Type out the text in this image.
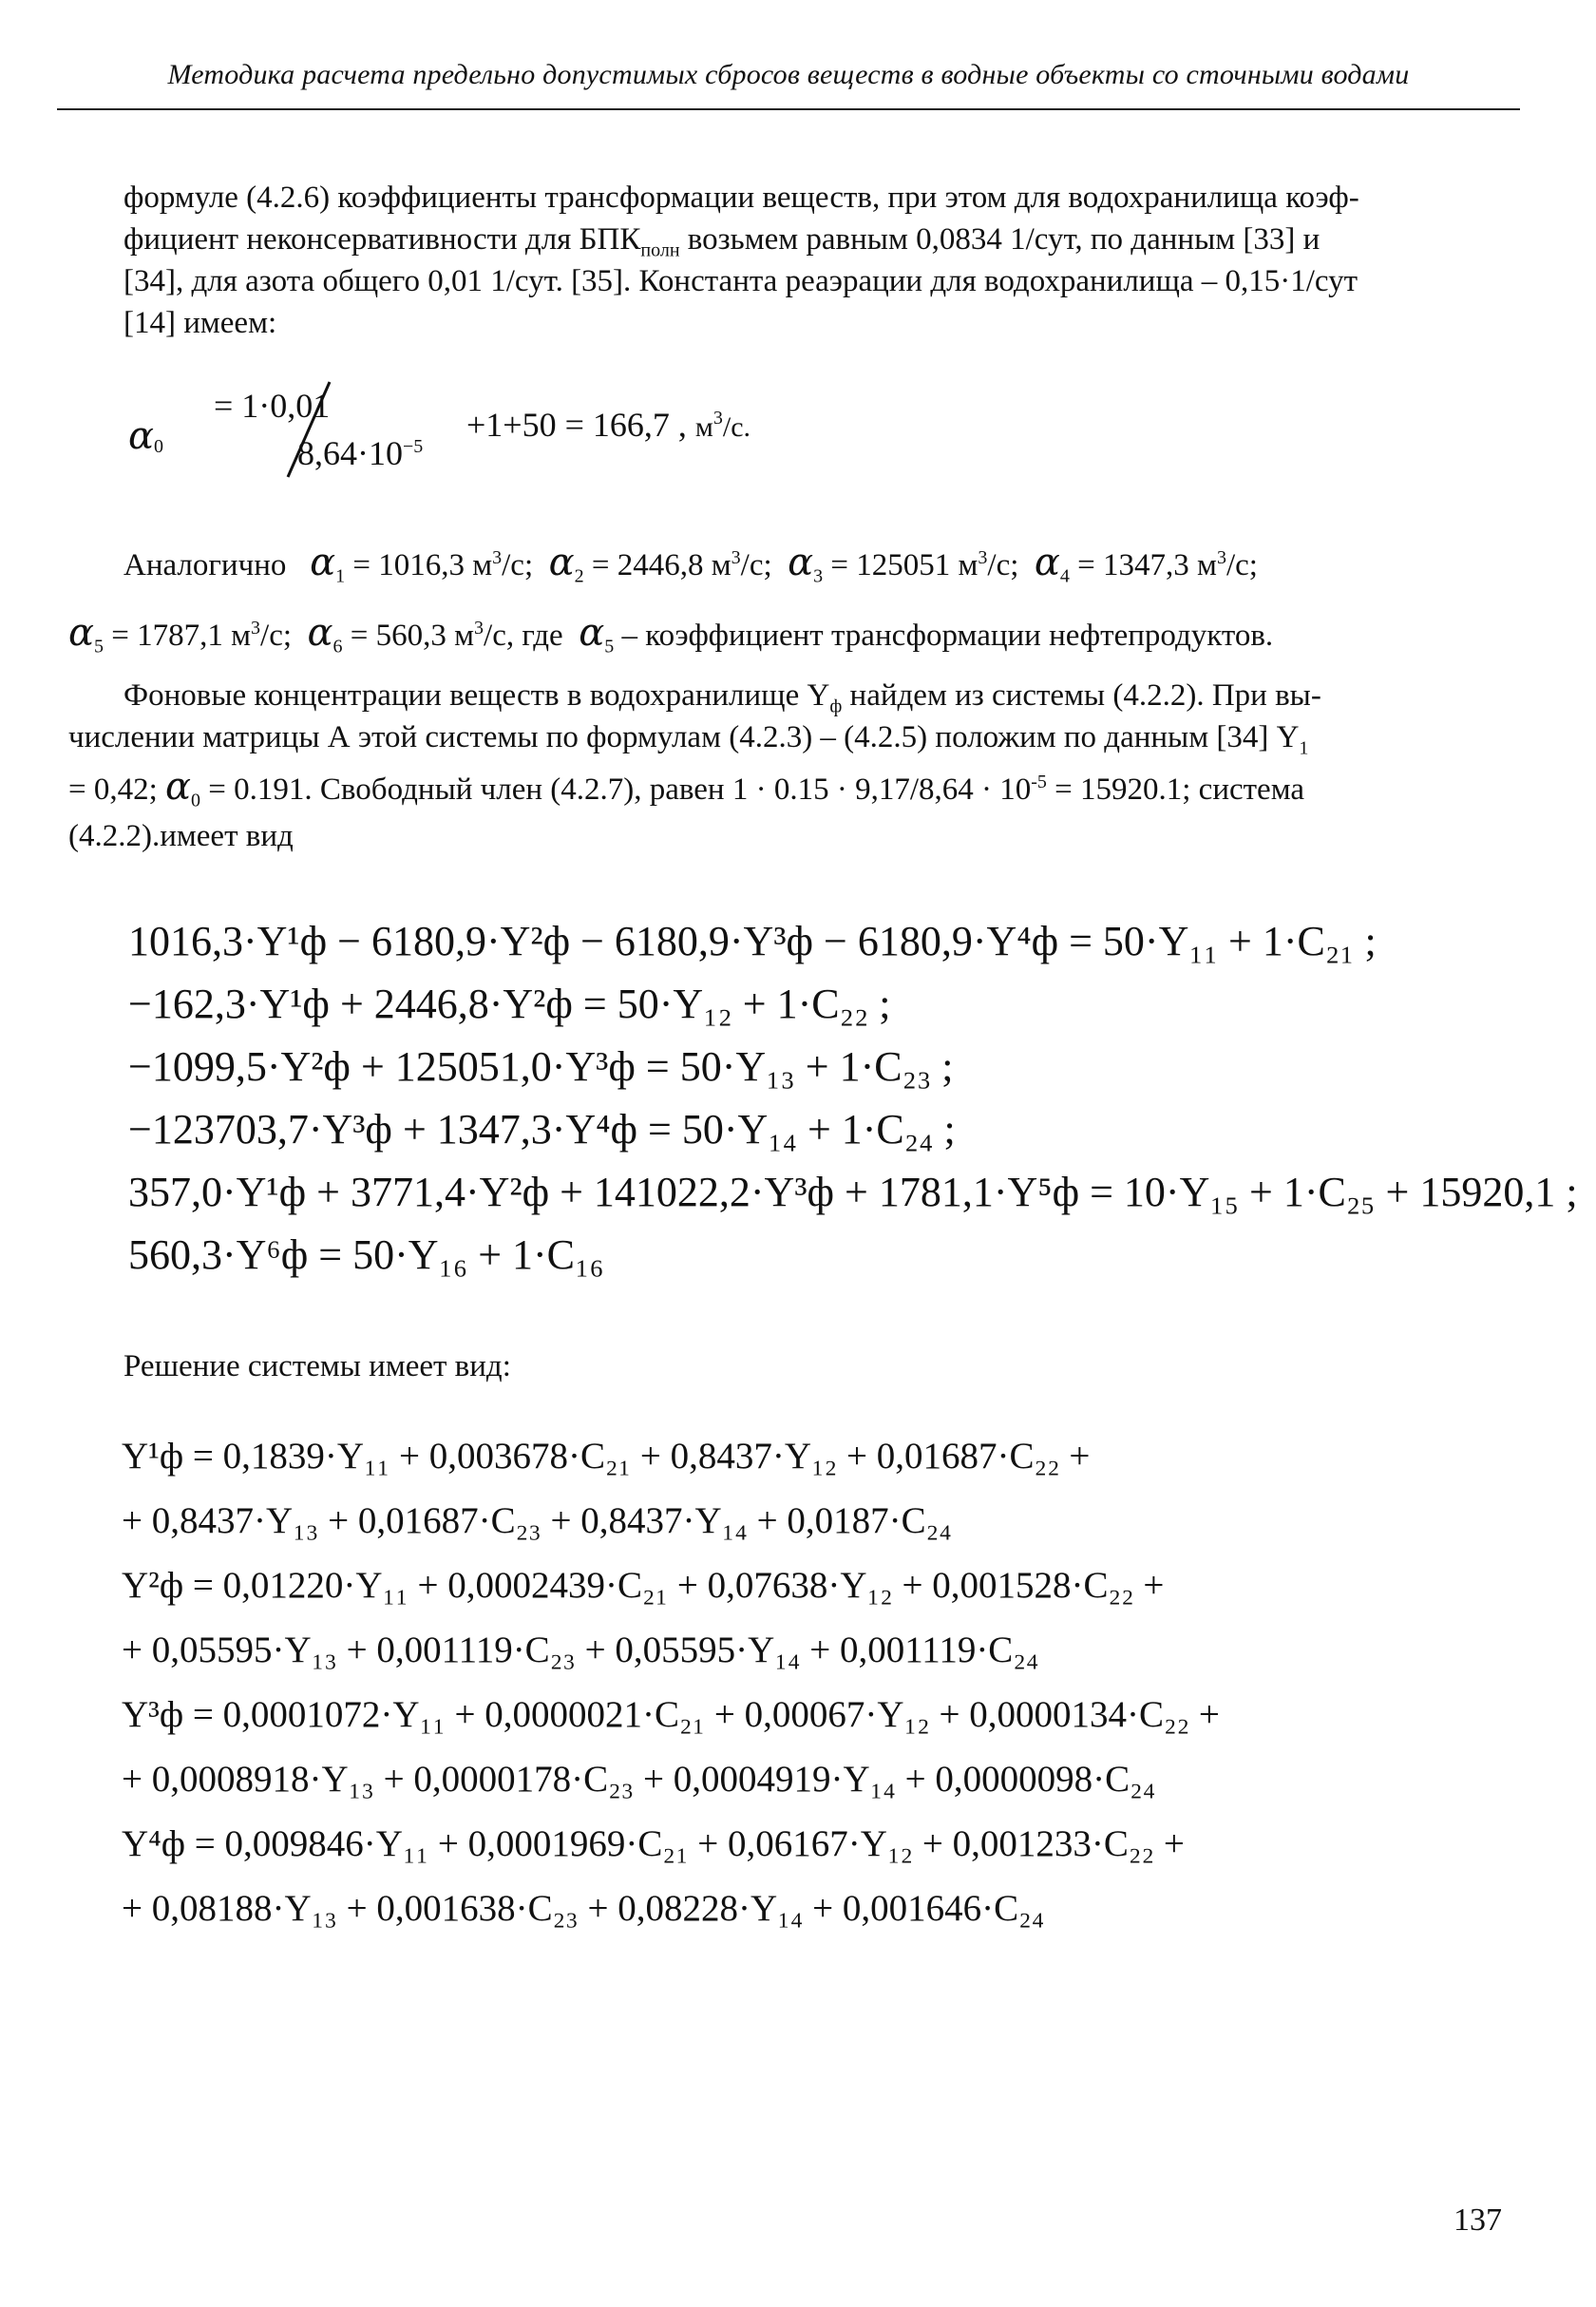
Методика расчета предельно допустимых сбросов веществ в водные объекты со сточными водами
формуле (4.2.6) коэффициенты трансформации веществ, при этом для водохранилища коэф-
фициент неконсервативности для $БПК_{полн}$ возьмем равным 0,0834 1/сут, по данным [33] и
[34], для азота общего 0,01 1/сут. [35]. Константа реаэрации для водохранилища – 0,15·1/сут
[14] имеем:
$\alpha_0$
= 1·0,01
$8,64\cdot 10^{-5}$
+1+50 = 166,7 , $м^3/с$.
Аналогично $\alpha_1 = 1016,3$ $м^3/с$; $\alpha_2 = 2446,8$ $м^3/с$; $\alpha_3 = 125051$ $м^3/с$; $\alpha_4 = 1347,3$ $м^3/с$;
$\alpha_5 = 1787,1$ $м^3/с$; $\alpha_6 = 560,3$ $м^3/с$, где $\alpha_5$ – коэффициент трансформации нефтепродуктов.
Фоновые концентрации веществ в водохранилище $Y_ф$ найдем из системы (4.2.2). При вы-
числении матрицы А этой системы по формулам (4.2.3) – (4.2.5) положим по данным [34] $Y_1$
= 0,42; $\alpha_0 = 0.191$. Свободный член (4.2.7), равен $1 \cdot 0.15 \cdot 9,17/8,64 \cdot 10^{-5} = 15920.1$; система
(4.2.2).имеет вид
1016,3·Y¹ф − 6180,9·Y²ф − 6180,9·Y³ф − 6180,9·Y⁴ф = 50·Y₁₁ + 1·C₂₁ ;
−162,3·Y¹ф + 2446,8·Y²ф = 50·Y₁₂ + 1·C₂₂ ;
−1099,5·Y²ф + 125051,0·Y³ф = 50·Y₁₃ + 1·C₂₃ ;
−123703,7·Y³ф + 1347,3·Y⁴ф = 50·Y₁₄ + 1·C₂₄ ;
357,0·Y¹ф + 3771,4·Y²ф + 141022,2·Y³ф + 1781,1·Y⁵ф = 10·Y₁₅ + 1·C₂₅ + 15920,1 ;
560,3·Y⁶ф = 50·Y₁₆ + 1·C₁₆
Решение системы имеет вид:
Y¹ф = 0,1839·Y₁₁ + 0,003678·C₂₁ + 0,8437·Y₁₂ + 0,01687·C₂₂ +
+ 0,8437·Y₁₃ + 0,01687·C₂₃ + 0,8437·Y₁₄ + 0,0187·C₂₄
Y²ф = 0,01220·Y₁₁ + 0,0002439·C₂₁ + 0,07638·Y₁₂ + 0,001528·C₂₂ +
+ 0,05595·Y₁₃ + 0,001119·C₂₃ + 0,05595·Y₁₄ + 0,001119·C₂₄
Y³ф = 0,0001072·Y₁₁ + 0,0000021·C₂₁ + 0,00067·Y₁₂ + 0,0000134·C₂₂ +
+ 0,0008918·Y₁₃ + 0,0000178·C₂₃ + 0,0004919·Y₁₄ + 0,0000098·C₂₄
Y⁴ф = 0,009846·Y₁₁ + 0,0001969·C₂₁ + 0,06167·Y₁₂ + 0,001233·C₂₂ +
+ 0,08188·Y₁₃ + 0,001638·C₂₃ + 0,08228·Y₁₄ + 0,001646·C₂₄
137
